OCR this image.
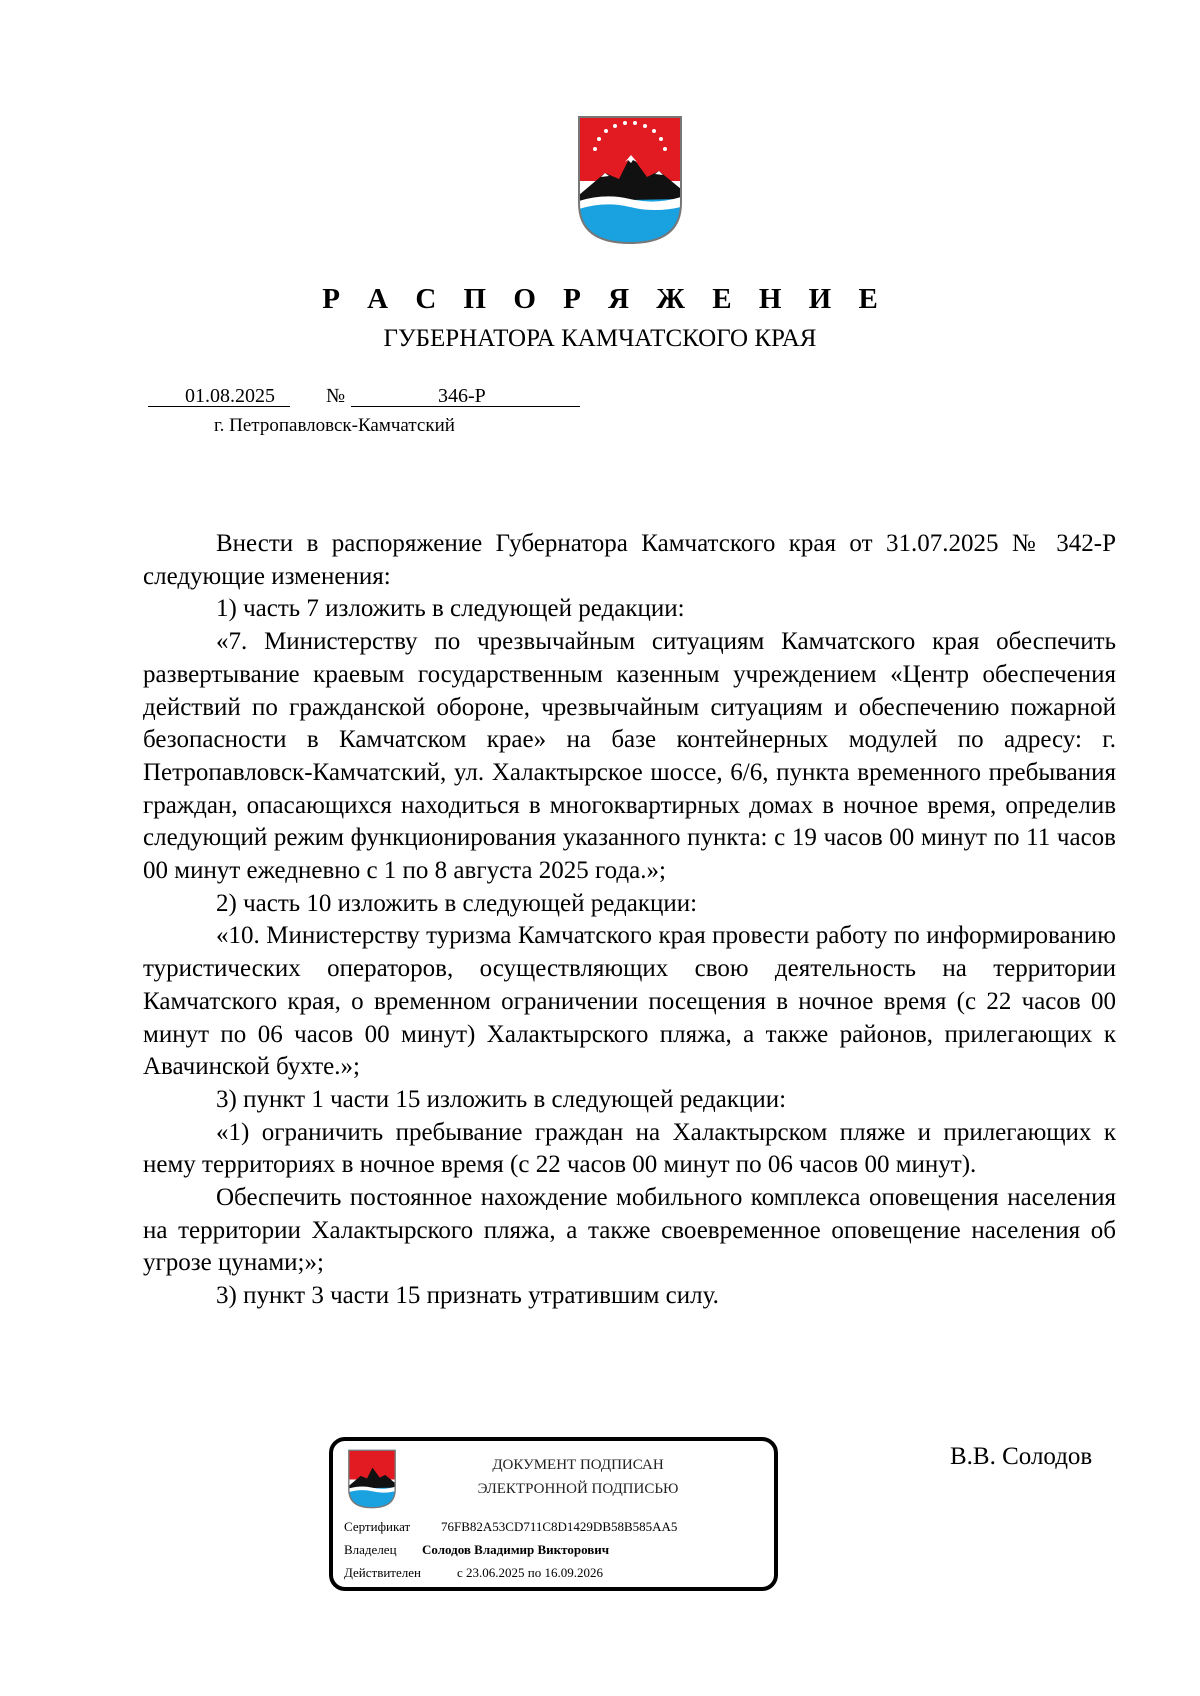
Р А С П О Р Я Ж Е Н И Е
ГУБЕРНАТОРА КАМЧАТСКОГО КРАЯ
01.08.2025	№	346-Р
г. Петропавловск-Камчатский

Внести в распоряжение Губернатора Камчатского края от 31.07.2025 № 342-Р следующие изменения:

1) часть 7 изложить в следующей редакции:

«7. Министерству по чрезвычайным ситуациям Камчатского края обеспечить развертывание краевым государственным казенным учреждением «Центр обеспечения действий по гражданской обороне, чрезвычайным ситуациям и обеспечению пожарной безопасности в Камчатском крае» на базе контейнерных модулей по адресу: г. Петропавловск-Камчатский, ул. Халактырское шоссе, 6/6, пункта временного пребывания граждан, опасающихся находиться в многоквартирных домах в ночное время, определив следующий режим функционирования указанного пункта: с 19 часов 00 минут по 11 часов 00 минут ежедневно с 1 по 8 августа 2025 года.»;

2) часть 10 изложить в следующей редакции:

«10. Министерству туризма Камчатского края провести работу по информированию туристических операторов, осуществляющих свою деятельность на территории Камчатского края, о временном ограничении посещения в ночное время (с 22 часов 00 минут по 06 часов 00 минут) Халактырского пляжа, а также районов, прилегающих к Авачинской бухте.»;

3) пункт 1 части 15 изложить в следующей редакции:

«1) ограничить пребывание граждан на Халактырском пляже и прилегающих к нему территориях в ночное время (с 22 часов 00 минут по 06 часов 00 минут).

Обеспечить постоянное нахождение мобильного комплекса оповещения населения на территории Халактырского пляжа, а также своевременное оповещение населения об угрозе цунами;»;

3) пункт 3 части 15 признать утратившим силу.

В.В. Солодов
ДОКУМЕНТ ПОДПИСАН
ЭЛЕКТРОННОЙ ПОДПИСЬЮ
Сертификат 76FB82A53CD711C8D1429DB58B585AA5
Владелец Солодов Владимир Викторович
Действителен	с 23.06.2025 по 16.09.2026
